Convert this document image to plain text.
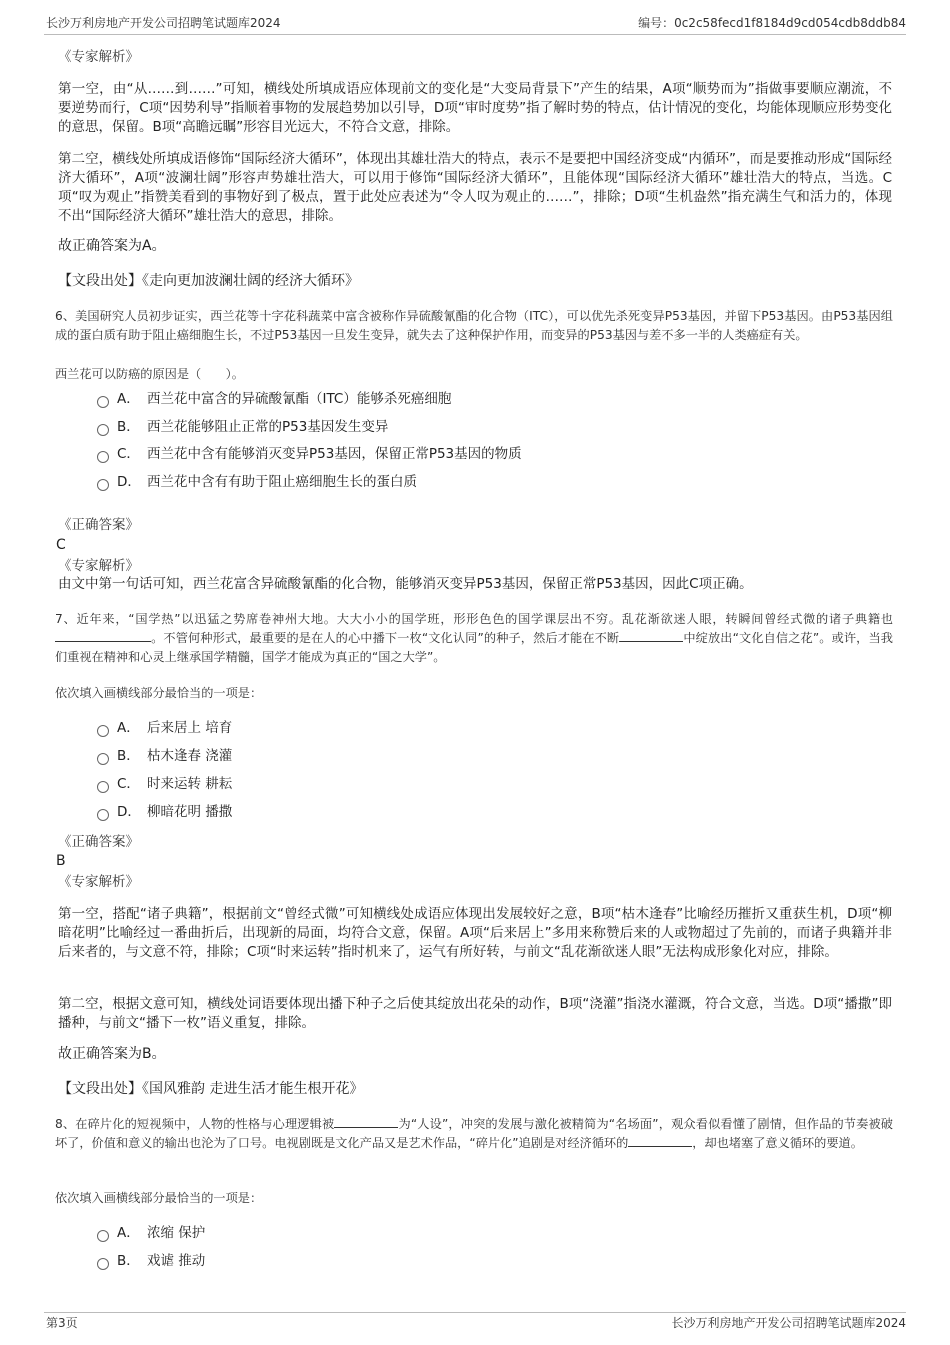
长沙万利房地产开发公司招聘笔试题库2024	编号：0c2c58fecd1f8184d9cd054cdb8ddb84
《专家解析》
第一空，由“从……到……”可知，横线处所填成语应体现前文的变化是“大变局背景下”产生的结果，A项“顺势而为”指做事要顺应潮流，不要逆势而行，C项“因势利导”指顺着事物的发展趋势加以引导，D项“审时度势”指了解时势的特点，估计情况的变化，均能体现顺应形势变化的意思，保留。B项“高瞻远瞩”形容目光远大，不符合文意，排除。
第二空，横线处所填成语修饰“国际经济大循环”，体现出其雄壮浩大的特点，表示不是要把中国经济变成“内循环”，而是要推动形成“国际经济大循环”，A项“波澜壮阔”形容声势雄壮浩大，可以用于修饰“国际经济大循环”，且能体现“国际经济大循环”雄壮浩大的特点，当选。C项“叹为观止”指赞美看到的事物好到了极点，置于此处应表述为“令人叹为观止的……”，排除；D项“生机盎然”指充满生气和活力的，体现不出“国际经济大循环”雄壮浩大的意思，排除。
故正确答案为A。
【文段出处】《走向更加波澜壮阔的经济大循环》
6、美国研究人员初步证实，西兰花等十字花科蔬菜中富含被称作异硫酸氰酯的化合物（ITC），可以优先杀死变异P53基因，并留下P53基因。由P53基因组成的蛋白质有助于阻止癌细胞生长，不过P53基因一旦发生变异，就失去了这种保护作用，而变异的P53基因与差不多一半的人类癌症有关。
西兰花可以防癌的原因是（　　）。
A． 西兰花中富含的异硫酸氰酯（ITC）能够杀死癌细胞
B． 西兰花能够阻止正常的P53基因发生变异
C． 西兰花中含有能够消灭变异P53基因，保留正常P53基因的物质
D． 西兰花中含有有助于阻止癌细胞生长的蛋白质
《正确答案》
C
《专家解析》
由文中第一句话可知，西兰花富含异硫酸氰酯的化合物，能够消灭变异P53基因，保留正常P53基因，因此C项正确。
7、近年来，“国学热”以迅猛之势席卷神州大地。大大小小的国学班，形形色色的国学课层出不穷。乱花渐欲迷人眼，转瞬间曾经式微的诸子典籍也。不管何种形式，最重要的是在人的心中播下一枚“文化认同”的种子，然后才能在不断	中绽放出“文化自信之花”。或许，当我们重视在精神和心灵上继承国学精髓，国学才能成为真正的“国之大学”。
依次填入画横线部分最恰当的一项是：
A． 后来居上 培育
B． 枯木逢春 浇灌
C． 时来运转 耕耘
D． 柳暗花明 播撒
《正确答案》
B
《专家解析》
第一空，搭配“诸子典籍”，根据前文“曾经式微”可知横线处成语应体现出发展较好之意，B项“枯木逢春”比喻经历摧折又重获生机，D项“柳暗花明”比喻经过一番曲折后，出现新的局面，均符合文意，保留。A项“后来居上”多用来称赞后来的人或物超过了先前的，而诸子典籍并非后来者的，与文意不符，排除；C项“时来运转”指时机来了，运气有所好转，与前文“乱花渐欲迷人眼”无法构成形象化对应，排除。
第二空，根据文意可知，横线处词语要体现出播下种子之后使其绽放出花朵的动作，B项“浇灌”指浇水灌溉，符合文意，当选。D项“播撒”即播种，与前文“播下一枚”语义重复，排除。
故正确答案为B。
【文段出处】《国风雅韵 走进生活才能生根开花》
8、在碎片化的短视频中，人物的性格与心理逻辑被	为“人设”，冲突的发展与激化被精简为“名场面”，观众看似看懂了剧情，但作品的节奏被破坏了，价值和意义的输出也沦为了口号。电视剧既是文化产品又是艺术作品，“碎片化”追剧是对经济循环的	，却也堵塞了意义循环的要道。
依次填入画横线部分最恰当的一项是：
A． 浓缩 保护
B． 戏谑 推动
第3页	长沙万利房地产开发公司招聘笔试题库2024
